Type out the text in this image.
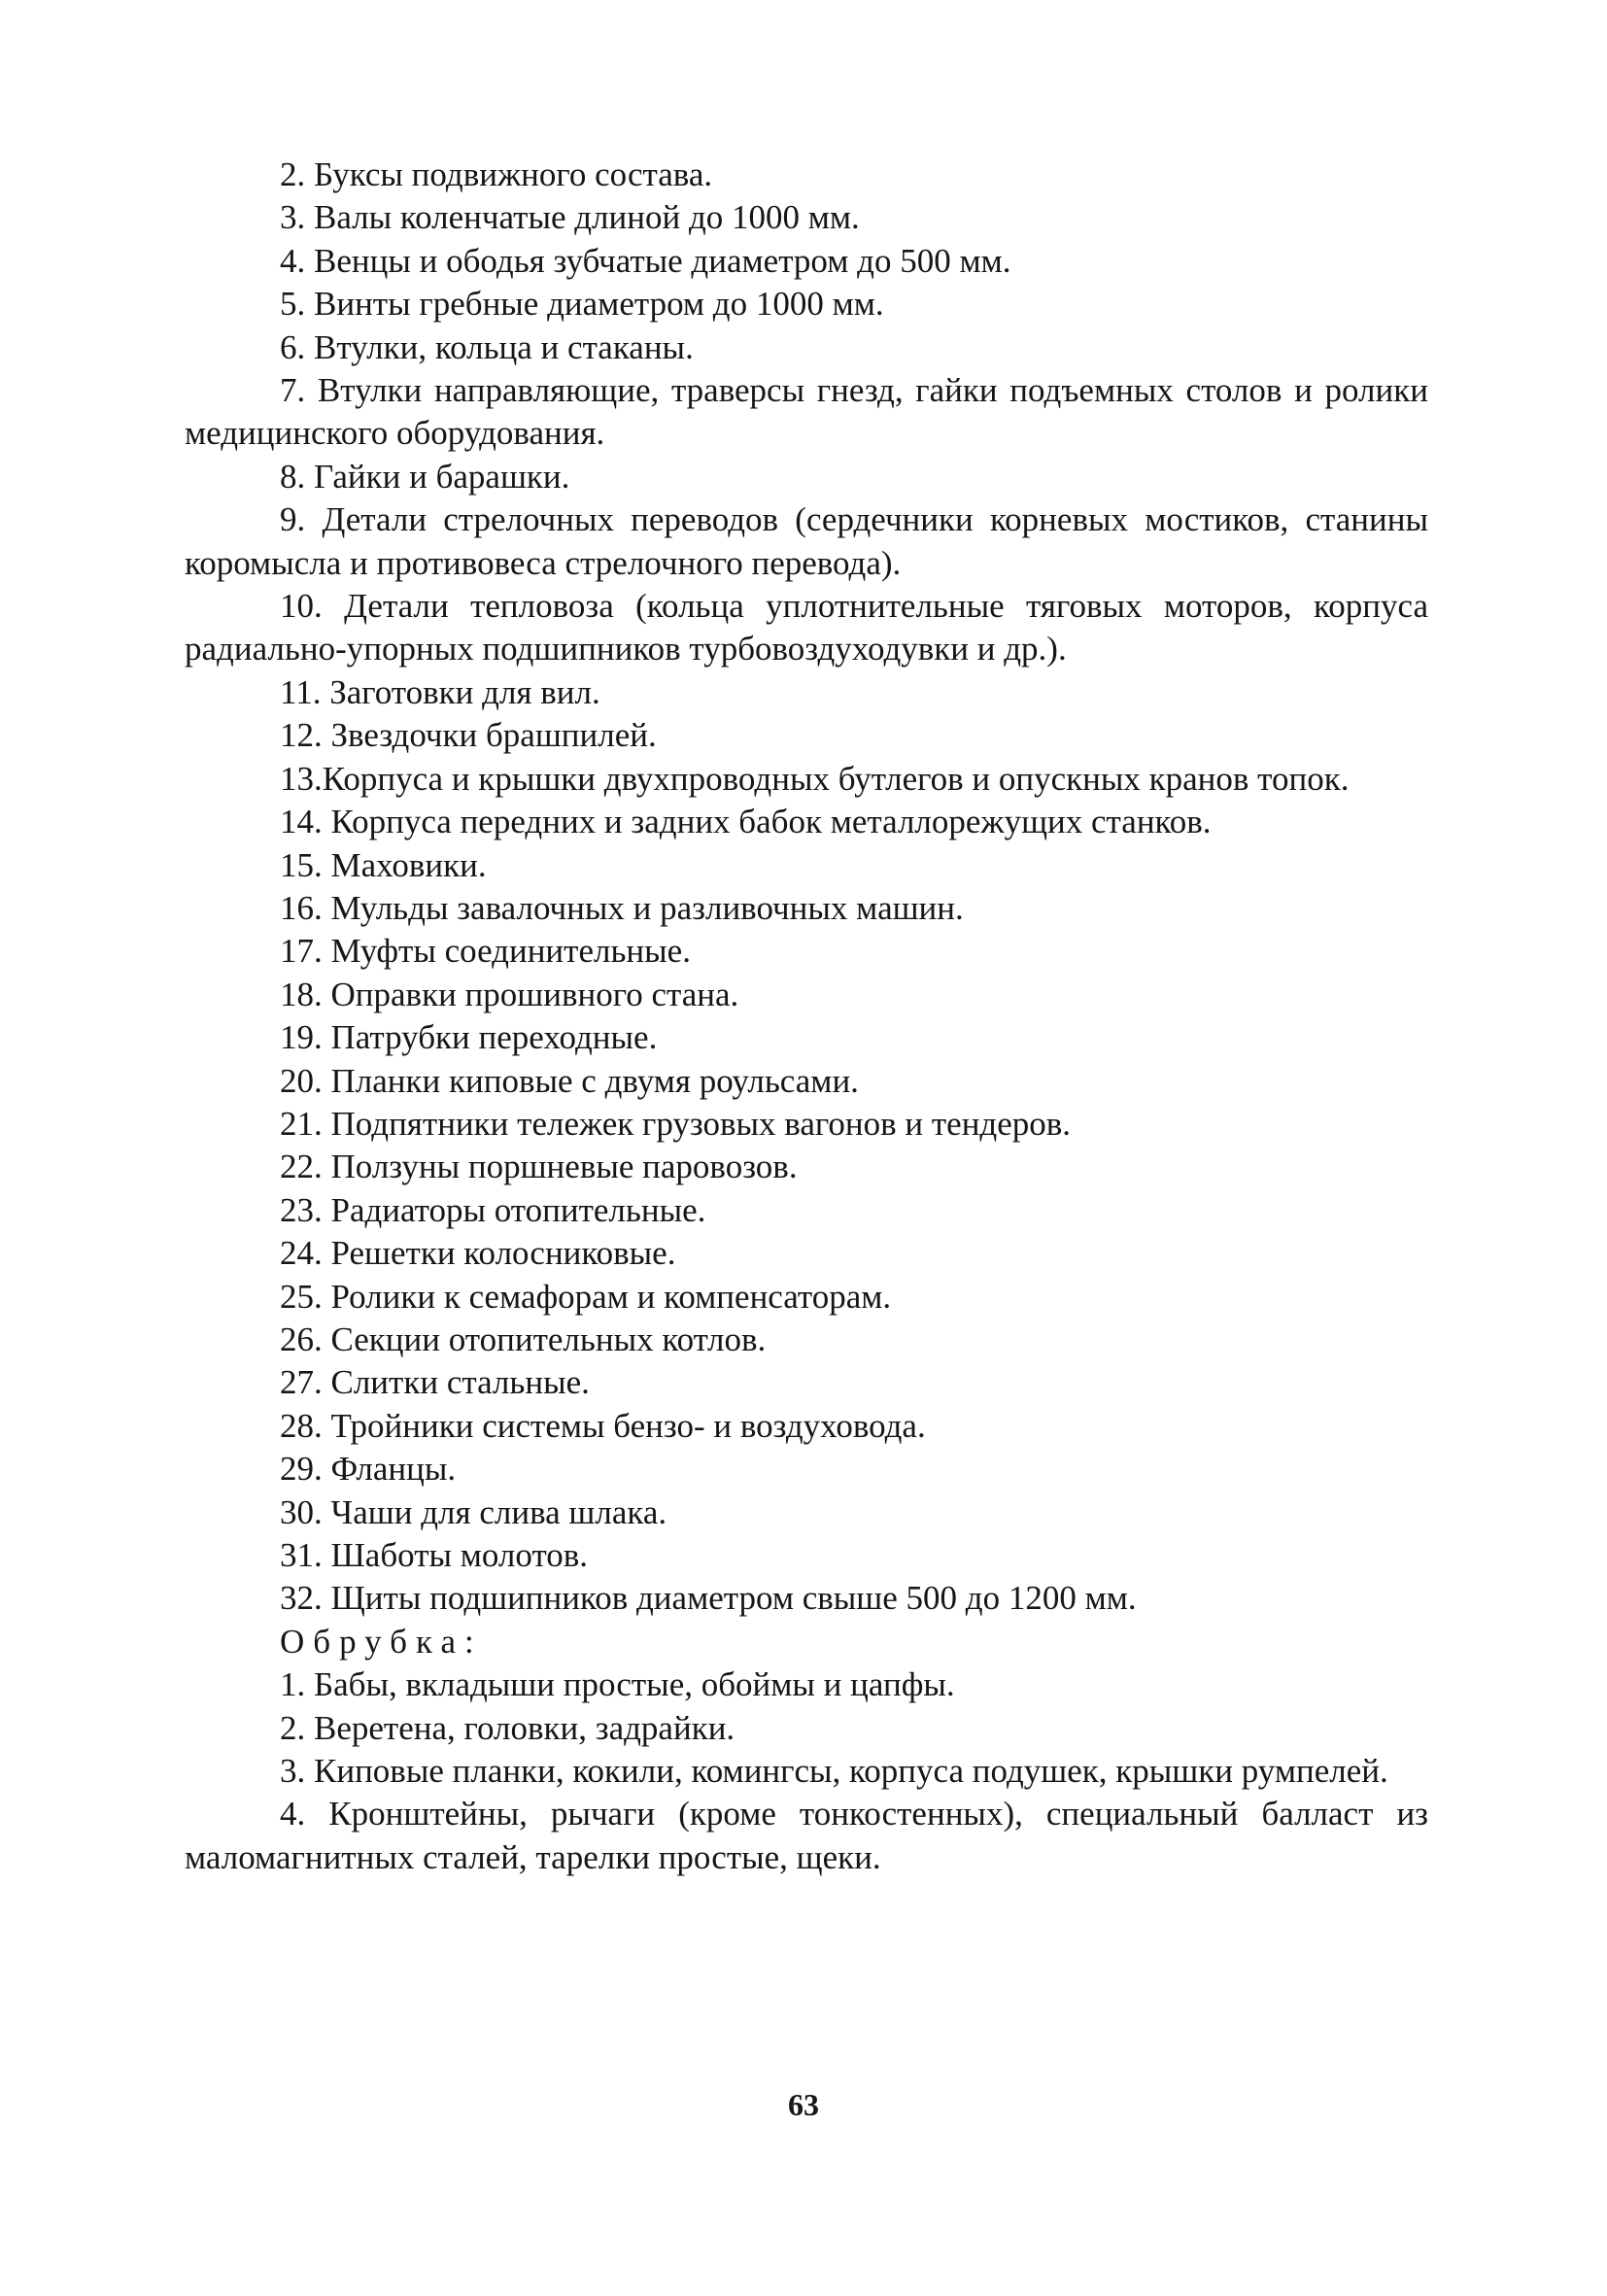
2. Буксы подвижного состава.

3. Валы коленчатые длиной до 1000 мм.

4. Венцы и ободья зубчатые диаметром до 500 мм.

5. Винты гребные диаметром до 1000 мм.

6. Втулки, кольца и стаканы.

7. Втулки направляющие, траверсы гнезд, гайки подъемных столов и ролики медицинского оборудования.

8. Гайки и барашки.

9. Детали стрелочных переводов (сердечники корневых мостиков, станины коромысла и противовеса стрелочного перевода).

10. Детали тепловоза (кольца уплотнительные тяговых моторов, корпуса радиально-упорных подшипников турбовоздуходувки и др.).

11. Заготовки для вил.

12. Звездочки брашпилей.

13.Корпуса и крышки двухпроводных бутлегов и опускных кранов топок.

14. Корпуса передних и задних бабок металлорежущих станков.

15. Маховики.

16. Мульды завалочных и разливочных машин.

17. Муфты соединительные.

18. Оправки прошивного стана.

19. Патрубки переходные.

20. Планки киповые с двумя роульсами.

21. Подпятники тележек грузовых вагонов и тендеров.

22. Ползуны поршневые паровозов.

23. Радиаторы отопительные.

24. Решетки колосниковые.

25. Ролики к семафорам и компенсаторам.

26. Секции отопительных котлов.

27. Слитки стальные.

28. Тройники системы бензо- и воздуховода.

29. Фланцы.

30. Чаши для слива шлака.

31. Шаботы молотов.

32. Щиты подшипников диаметром свыше 500 до 1200 мм.

Обрубка:

1. Бабы, вкладыши простые, обоймы и цапфы.

2. Веретена, головки, задрайки.

3. Киповые планки, кокили, комингсы, корпуса подушек, крышки румпелей.

4. Кронштейны, рычаги (кроме тонкостенных), специальный балласт из маломагнитных сталей, тарелки простые, щеки.

63
